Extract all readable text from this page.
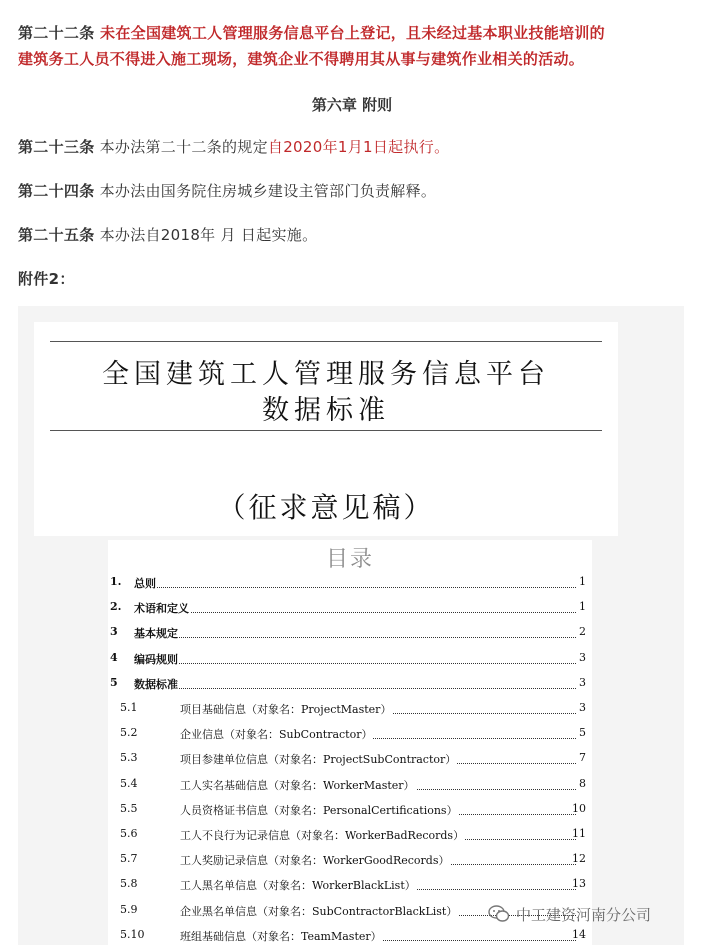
第二十二条 未在全国建筑工人管理服务信息平台上登记，且未经过基本职业技能培训的
建筑务工人员不得进入施工现场，建筑企业不得聘用其从事与建筑作业相关的活动。
第六章 附则
第二十三条 本办法第二十二条的规定自2020年1月1日起执行。
第二十四条 本办法由国务院住房城乡建设主管部门负责解释。
第二十五条 本办法自2018年 月 日起实施。
附件2：
全国建筑工人管理服务信息平台
数据标准
（征求意见稿）
目录
1. 总则	1
2. 术语和定义	1
3 基本规定	2
4 编码规则	3
5 数据标准	3
5.1	项目基础信息（对象名：ProjectMaster）	3
5.2	企业信息（对象名：SubContractor）	5
5.3	项目参建单位信息（对象名：ProjectSubContractor）	7
5.4	工人实名基础信息（对象名：WorkerMaster）	8
5.5	人员资格证书信息（对象名：PersonalCertifications）	10
5.6	工人不良行为记录信息（对象名：WorkerBadRecords）	11
5.7	工人奖励记录信息（对象名：WorkerGoodRecords）	12
5.8	工人黑名单信息（对象名：WorkerBlackList）	13
5.9	企业黑名单信息（对象名：SubContractorBlackList）
5.10	班组基础信息（对象名：TeamMaster）	14
中工建资河南分公司
